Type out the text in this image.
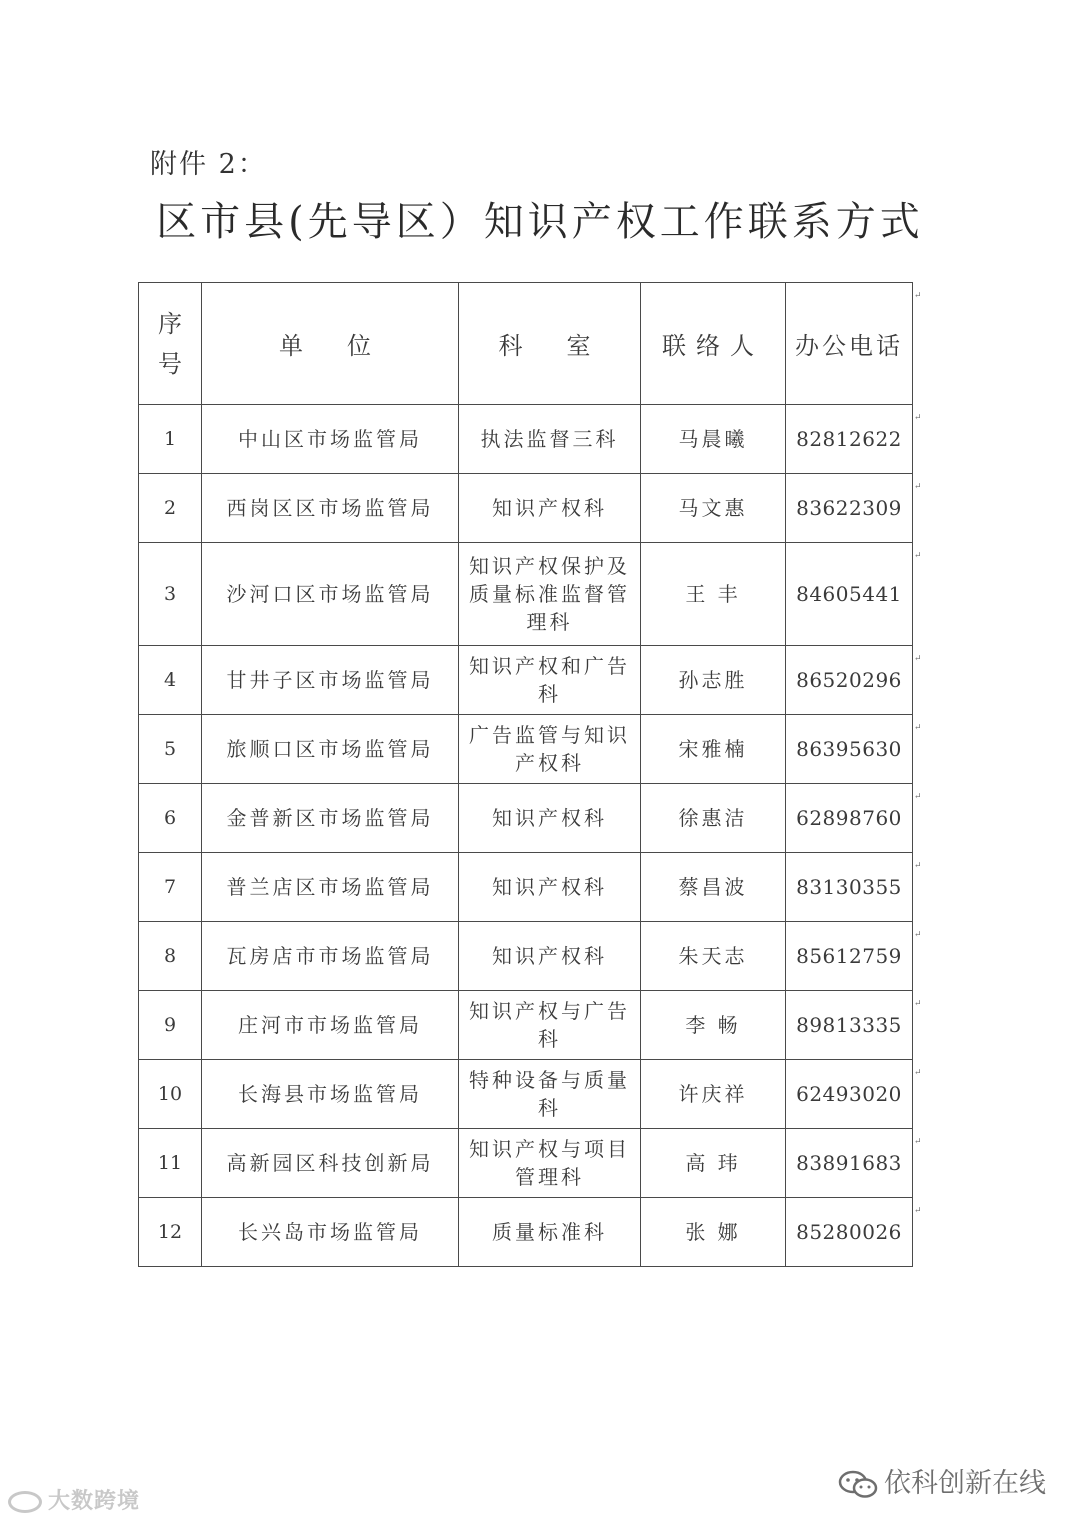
附件 2：
区市县(先导区）知识产权工作联系方式
序
号	单　位	科　室	联络人	办公电话
1	中山区市场监管局	执法监督三科	马晨曦	82812622
2	西岗区区市场监管局	知识产权科	马文惠	83622309
3	沙河口区市场监管局	知识产权保护及质量标准监督管理科	王 丰	84605441
4	甘井子区市场监管局	知识产权和广告科	孙志胜	86520296
5	旅顺口区市场监管局	广告监管与知识产权科	宋雅楠	86395630
6	金普新区市场监管局	知识产权科	徐惠洁	62898760
7	普兰店区市场监管局	知识产权科	蔡昌波	83130355
8	瓦房店市市场监管局	知识产权科	朱天志	85612759
9	庄河市市场监管局	知识产权与广告科	李 畅	89813335
10	长海县市场监管局	特种设备与质量科	许庆祥	62493020
11	高新园区科技创新局	知识产权与项目管理科	高 玮	83891683
12	长兴岛市场监管局	质量标准科	张 娜	85280026
↵
↵
↵
↵
↵
↵
↵
↵
↵
↵
↵
↵
↵
大数跨境
依科创新在线
